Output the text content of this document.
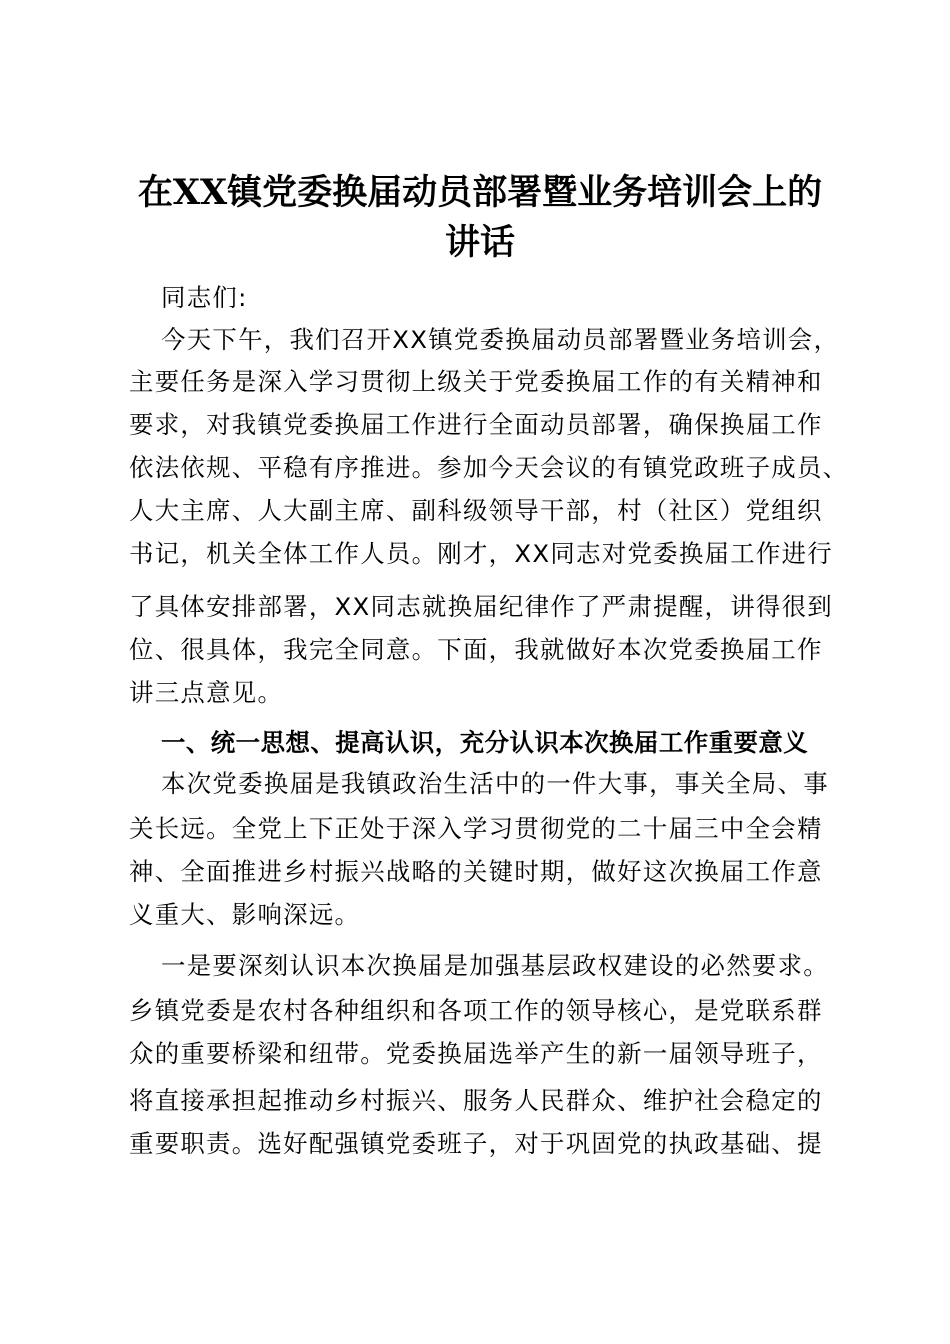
在XX镇党委换届动员部署暨业务培训会上的
讲话
同志们:
今天下午，我们召开XX镇党委换届动员部署暨业务培训会，
主要任务是深入学习贯彻上级关于党委换届工作的有关精神和
要求，对我镇党委换届工作进行全面动员部署，确保换届工作
依法依规、平稳有序推进。参加今天会议的有镇党政班子成员、
人大主席、人大副主席、副科级领导干部，村（社区）党组织
书记，机关全体工作人员。刚才，XX同志对党委换届工作进行
了具体安排部署，XX同志就换届纪律作了严肃提醒，讲得很到
位、很具体，我完全同意。下面，我就做好本次党委换届工作
讲三点意见。
一、统一思想、提高认识，充分认识本次换届工作重要意义
本次党委换届是我镇政治生活中的一件大事，事关全局、事
关长远。全党上下正处于深入学习贯彻党的二十届三中全会精
神、全面推进乡村振兴战略的关键时期，做好这次换届工作意
义重大、影响深远。
一是要深刻认识本次换届是加强基层政权建设的必然要求。
乡镇党委是农村各种组织和各项工作的领导核心，是党联系群
众的重要桥梁和纽带。党委换届选举产生的新一届领导班子，
将直接承担起推动乡村振兴、服务人民群众、维护社会稳定的
重要职责。选好配强镇党委班子，对于巩固党的执政基础、提
